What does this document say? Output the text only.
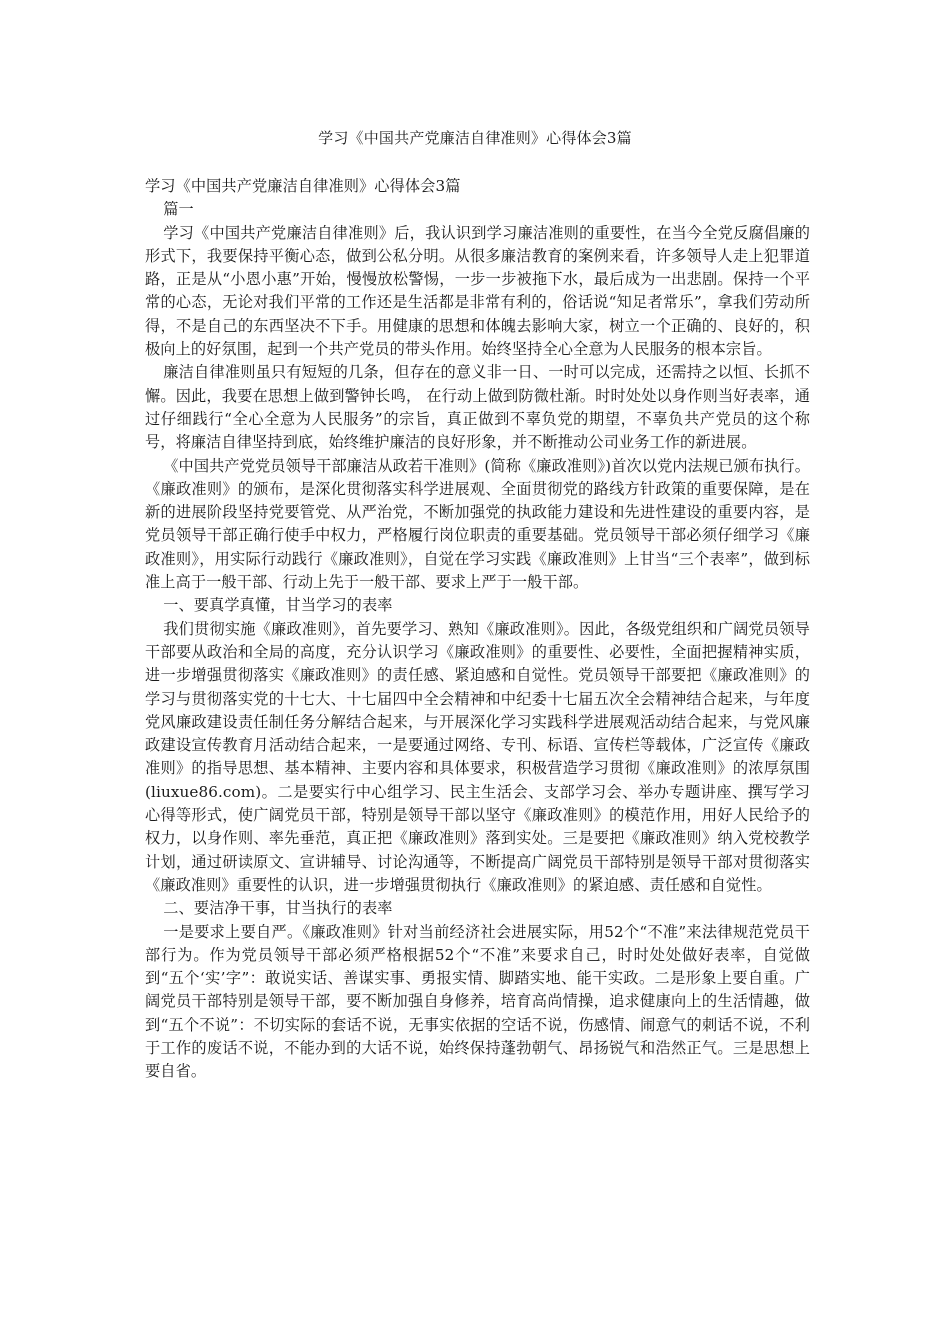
学习《中国共产党廉洁自律准则》心得体会3篇

学习《中国共产党廉洁自律准则》心得体会3篇

篇一

学习《中国共产党廉洁自律准则》后，我认识到学习廉洁准则的重要性，在当今全党反腐倡廉的形式下，我要保持平衡心态，做到公私分明。从很多廉洁教育的案例来看，许多领导人走上犯罪道路，正是从“小恩小惠”开始，慢慢放松警惕，一步一步被拖下水，最后成为一出悲剧。保持一个平常的心态，无论对我们平常的工作还是生活都是非常有利的，俗话说“知足者常乐”，拿我们劳动所得，不是自己的东西坚决不下手。用健康的思想和体魄去影响大家，树立一个正确的、良好的，积极向上的好氛围，起到一个共产党员的带头作用。始终坚持全心全意为人民服务的根本宗旨。

廉洁自律准则虽只有短短的几条，但存在的意义非一日、一时可以完成，还需持之以恒、长抓不懈。因此，我要在思想上做到警钟长鸣， 在行动上做到防微杜渐。时时处处以身作则当好表率，通过仔细践行“全心全意为人民服务”的宗旨，真正做到不辜负党的期望，不辜负共产党员的这个称号，将廉洁自律坚持到底，始终维护廉洁的良好形象，并不断推动公司业务工作的新进展。

《中国共产党党员领导干部廉洁从政若干准则》(简称《廉政准则》)首次以党内法规已颁布执行。《廉政准则》的颁布，是深化贯彻落实科学进展观、全面贯彻党的路线方针政策的重要保障，是在新的进展阶段坚持党要管党、从严治党，不断加强党的执政能力建设和先进性建设的重要内容，是党员领导干部正确行使手中权力，严格履行岗位职责的重要基础。党员领导干部必须仔细学习《廉政准则》，用实际行动践行《廉政准则》，自觉在学习实践《廉政准则》上甘当“三个表率”，做到标准上高于一般干部、行动上先于一般干部、要求上严于一般干部。

一、要真学真懂，甘当学习的表率

我们贯彻实施《廉政准则》，首先要学习、熟知《廉政准则》。因此，各级党组织和广阔党员领导干部要从政治和全局的高度，充分认识学习《廉政准则》的重要性、必要性，全面把握精神实质，进一步增强贯彻落实《廉政准则》的责任感、紧迫感和自觉性。党员领导干部要把《廉政准则》的学习与贯彻落实党的十七大、十七届四中全会精神和中纪委十七届五次全会精神结合起来，与年度党风廉政建设责任制任务分解结合起来，与开展深化学习实践科学进展观活动结合起来，与党风廉政建设宣传教育月活动结合起来，一是要通过网络、专刊、标语、宣传栏等载体，广泛宣传《廉政准则》的指导思想、基本精神、主要内容和具体要求，积极营造学习贯彻《廉政准则》的浓厚氛围(liuxue86.com)。二是要实行中心组学习、民主生活会、支部学习会、举办专题讲座、撰写学习心得等形式，使广阔党员干部，特别是领导干部以坚守《廉政准则》的模范作用，用好人民给予的权力，以身作则、率先垂范，真正把《廉政准则》落到实处。三是要把《廉政准则》纳入党校教学计划，通过研读原文、宣讲辅导、讨论沟通等，不断提高广阔党员干部特别是领导干部对贯彻落实《廉政准则》重要性的认识，进一步增强贯彻执行《廉政准则》的紧迫感、责任感和自觉性。

二、要洁净干事，甘当执行的表率

一是要求上要自严。《廉政准则》针对当前经济社会进展实际，用52个“不准”来法律规范党员干部行为。作为党员领导干部必须严格根据52个“不准”来要求自己，时时处处做好表率，自觉做到“五个‘实’字”：敢说实话、善谋实事、勇报实情、脚踏实地、能干实政。二是形象上要自重。广阔党员干部特别是领导干部，要不断加强自身修养，培育高尚情操，追求健康向上的生活情趣，做到“五个不说”：不切实际的套话不说，无事实依据的空话不说，伤感情、闹意气的刺话不说，不利于工作的废话不说，不能办到的大话不说，始终保持蓬勃朝气、昂扬锐气和浩然正气。三是思想上要自省。
